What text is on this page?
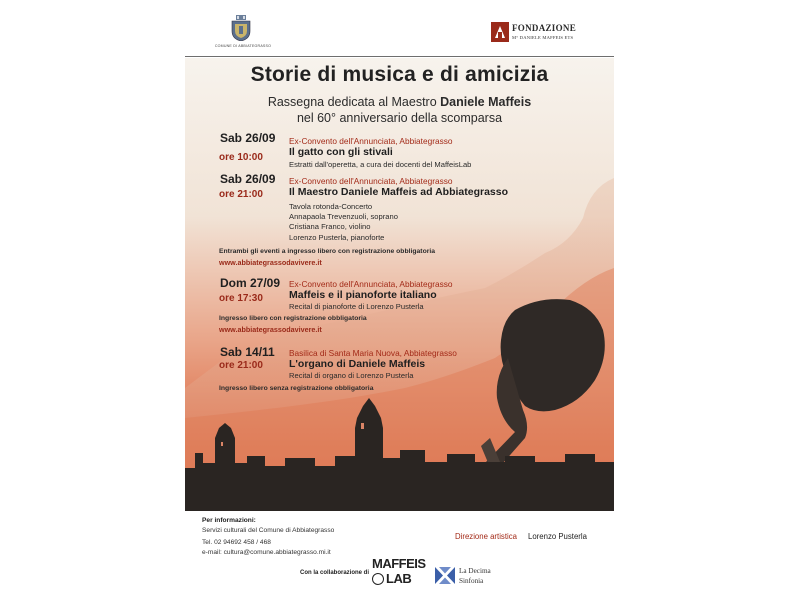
COMUNE DI ABBIATEGRASSO
FONDAZIONE
M° DANIELE MAFFEIS ETS
Storie di musica e di amicizia
Rassegna dedicata al Maestro Daniele Maffeis
nel 60° anniversario della scomparsa
Sab 26/09 Ex-Convento dell'Annunciata, Abbiategrasso
Il gatto con gli stivali
ore 10:00
Estratti dall'operetta, a cura dei docenti del MaffeisLab
Sab 26/09 Ex-Convento dell'Annunciata, Abbiategrasso
Il Maestro Daniele Maffeis ad Abbiategrasso
ore 21:00
Tavola rotonda-Concerto
Annapaola Trevenzuoli, soprano
Cristiana Franco, violino
Lorenzo Pusterla, pianoforte
Entrambi gli eventi a ingresso libero con registrazione obbligatoria
www.abbiategrassodavivere.it
Dom 27/09 Ex-Convento dell'Annunciata, Abbiategrasso
Maffeis e il pianoforte italiano
ore 17:30
Recital di pianoforte di Lorenzo Pusterla
Ingresso libero con registrazione obbligatoria
www.abbiategrassodavivere.it
Sab 14/11 Basilica di Santa Maria Nuova, Abbiategrasso
L'organo di Daniele Maffeis
ore 21:00
Recital di organo di Lorenzo Pusterla
Ingresso libero senza registrazione obbligatoria
Per informazioni:
Servizi culturali del Comune di Abbiategrasso
Tel. 02 94692 458 / 468
e-mail: cultura@comune.abbiategrasso.mi.it
Direzione artistica Lorenzo Pusterla
Con la collaborazione di
MAFFEIS
LAB	La Decima
Sinfonia
